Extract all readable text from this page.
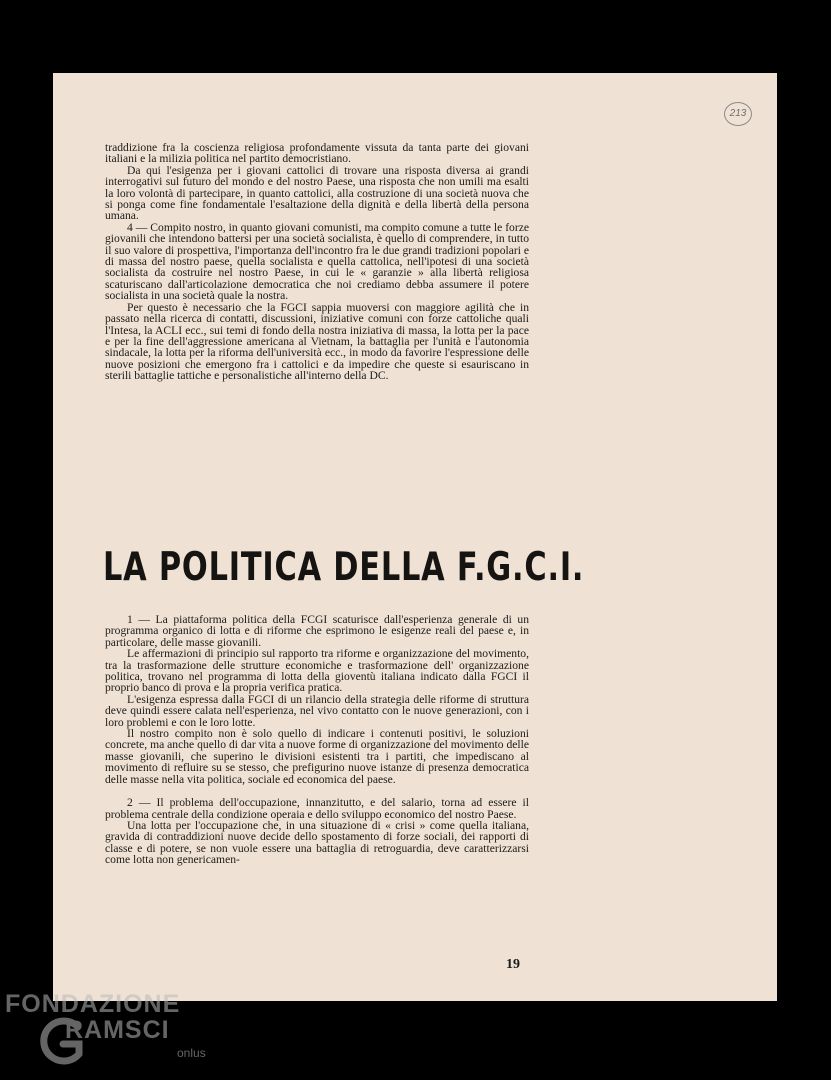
213

traddizione fra la coscienza religiosa profondamente vissuta da tanta parte dei giovani italiani e la milizia politica nel partito democristiano.

Da qui l'esigenza per i giovani cattolici di trovare una risposta diversa ai grandi interrogativi sul futuro del mondo e del nostro Paese, una risposta che non umili ma esalti la loro volontà di partecipare, in quanto cattolici, alla costruzione di una società nuova che si ponga come fine fondamentale l'esaltazione della dignità e della libertà della persona umana.

4 — Compito nostro, in quanto giovani comunisti, ma compito comune a tutte le forze giovanili che intendono battersi per una società socialista, è quello di comprendere, in tutto il suo valore di prospettiva, l'importanza dell'incontro fra le due grandi tradizioni popolari e di massa del nostro paese, quella socialista e quella cattolica, nell'ipotesi di una società socialista da costruire nel nostro Paese, in cui le « garanzie » alla libertà religiosa scaturiscano dall'articolazione democratica che noi crediamo debba assumere il potere socialista in una società quale la nostra.

Per questo è necessario che la FGCI sappia muoversi con maggiore agilità che in passato nella ricerca di contatti, discussioni, iniziative comuni con forze cattoliche quali l'Intesa, la ACLI ecc., sui temi di fondo della nostra iniziativa di massa, la lotta per la pace e per la fine dell'aggressione americana al Vietnam, la battaglia per l'unità e l'autonomia sindacale, la lotta per la riforma dell'università ecc., in modo da favorire l'espressione delle nuove posizioni che emergono fra i cattolici e da impedire che queste si esauriscano in sterili battaglie tattiche e personalistiche all'interno della DC.

LA POLITICA DELLA F.G.C.I.

1 — La piattaforma politica della FCGI scaturisce dall'esperienza generale di un programma organico di lotta e di riforme che esprimono le esigenze reali del paese e, in particolare, delle masse giovanili.

Le affermazioni di principio sul rapporto tra riforme e organizzazione del movimento, tra la trasformazione delle strutture economiche e trasformazione dell' organizzazione politica, trovano nel programma di lotta della gioventù italiana indicato dalla FGCI il proprio banco di prova e la propria verifica pratica.

L'esigenza espressa dalla FGCI di un rilancio della strategia delle riforme di struttura deve quindi essere calata nell'esperienza, nel vivo contatto con le nuove generazioni, con i loro problemi e con le loro lotte.

Il nostro compito non è solo quello di indicare i contenuti positivi, le soluzioni concrete, ma anche quello di dar vita a nuove forme di organizzazione del movimento delle masse giovanili, che superino le divisioni esistenti tra i partiti, che impediscano al movimento di refluire su se stesso, che prefigurino nuove istanze di presenza democratica delle masse nella vita politica, sociale ed economica del paese.

2 — Il problema dell'occupazione, innanzitutto, e del salario, torna ad essere il problema centrale della condizione operaia e dello sviluppo economico del nostro Paese.

Una lotta per l'occupazione che, in una situazione di « crisi » come quella italiana, gravida di contraddizioni nuove decide dello spostamento di forze sociali, dei rapporti di classe e di potere, se non vuole essere una battaglia di retroguardia, deve caratterizzarsi come lotta non genericamen-

19
FONDAZIONE
RAMSCI
onlus
